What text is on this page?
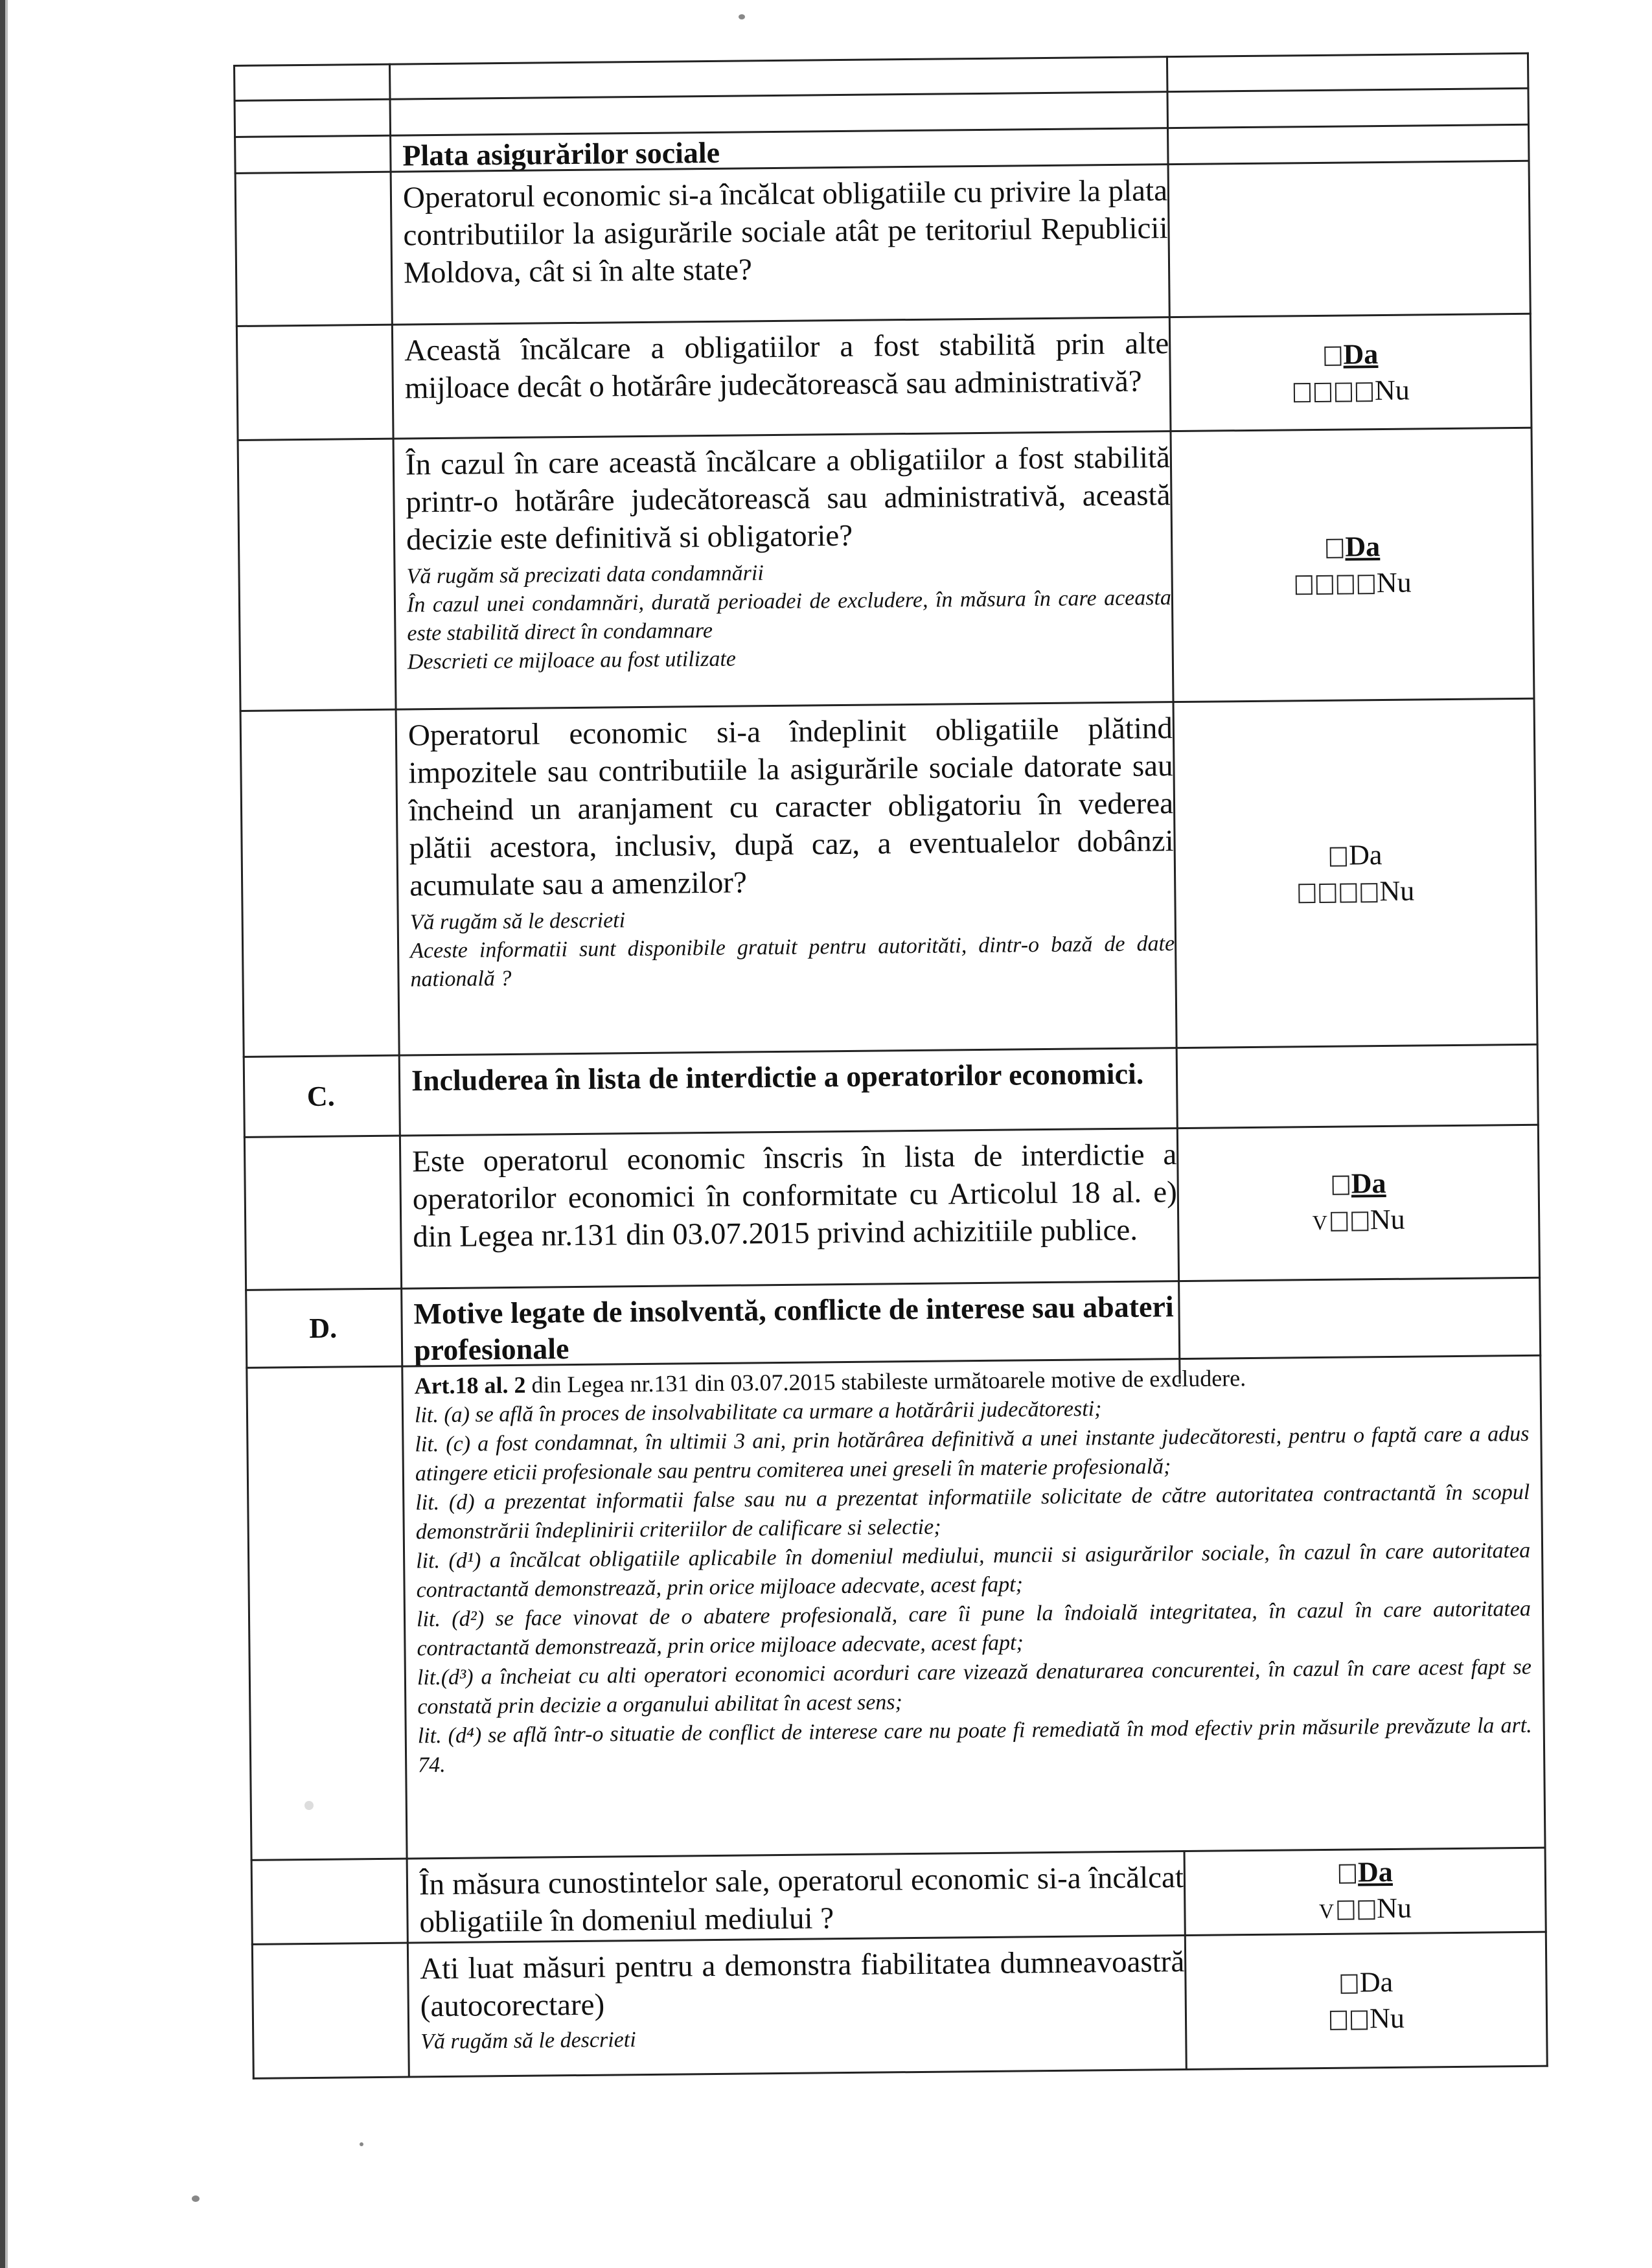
Plata asigurărilor sociale
Operatorul economic si-a încălcat obligatiile cu privire la plata contributiilor la asigurările sociale atât pe teritoriul Republicii Moldova, cât si în alte state?
Această încălcare a obligatiilor a fost stabilită prin alte mijloace decât o hotărâre judecătorească sau administrativă?
Da
Nu
În cazul în care această încălcare a obligatiilor a fost stabilită printr-o hotărâre judecătorească sau administrativă, această decizie este definitivă si obligatorie?
Vă rugăm să precizati data condamnării
În cazul unei condamnări, durată perioadei de excludere, în măsura în care aceasta este stabilită direct în condamnare
Descrieti ce mijloace au fost utilizate
Da
Nu
Operatorul economic si-a îndeplinit obligatiile plătind impozitele sau contributiile la asigurările sociale datorate sau încheind un aranjament cu caracter obligatoriu în vederea plătii acestora, inclusiv, după caz, a eventualelor dobânzi acumulate sau a amenzilor?
Vă rugăm să le descrieti
Aceste informatii sunt disponibile gratuit pentru autorităti, dintr-o bază de date natională ?
Da
Nu
C.	Includerea în lista de interdictie a operatorilor economici.
Este operatorul economic înscris în lista de interdictie a operatorilor economici în conformitate cu Articolul 18 al. e) din Legea nr.131 din 03.07.2015 privind achizitiile publice.
Da
V Nu
D.	Motive legate de insolventă, conflicte de interese sau abateri profesionale
Art.18 al. 2 din Legea nr.131 din 03.07.2015 stabileste următoarele motive de excludere.
lit. (a) se află în proces de insolvabilitate ca urmare a hotărârii judecătoresti;
lit. (c) a fost condamnat, în ultimii 3 ani, prin hotărârea definitivă a unei instante judecătoresti, pentru o faptă care a adus atingere eticii profesionale sau pentru comiterea unei greseli în materie profesională;
lit. (d) a prezentat informatii false sau nu a prezentat informatiile solicitate de către autoritatea contractantă în scopul demonstrării îndeplinirii criteriilor de calificare si selectie;
lit. (d¹) a încălcat obligatiile aplicabile în domeniul mediului, muncii si asigurărilor sociale, în cazul în care autoritatea contractantă demonstrează, prin orice mijloace adecvate, acest fapt;
lit. (d²) se face vinovat de o abatere profesională, care îi pune la îndoială integritatea, în cazul în care autoritatea contractantă demonstrează, prin orice mijloace adecvate, acest fapt;
lit.(d³) a încheiat cu alti operatori economici acorduri care vizează denaturarea concurentei, în cazul în care acest fapt se constată prin decizie a organului abilitat în acest sens;
lit. (d⁴) se află într-o situatie de conflict de interese care nu poate fi remediată în mod efectiv prin măsurile prevăzute la art. 74.
În măsura cunostintelor sale, operatorul economic si-a încălcat obligatiile în domeniul mediului ?
Da
V Nu
Ati luat măsuri pentru a demonstra fiabilitatea dumneavoastră (autocorectare)
Vă rugăm să le descrieti
Da
Nu
